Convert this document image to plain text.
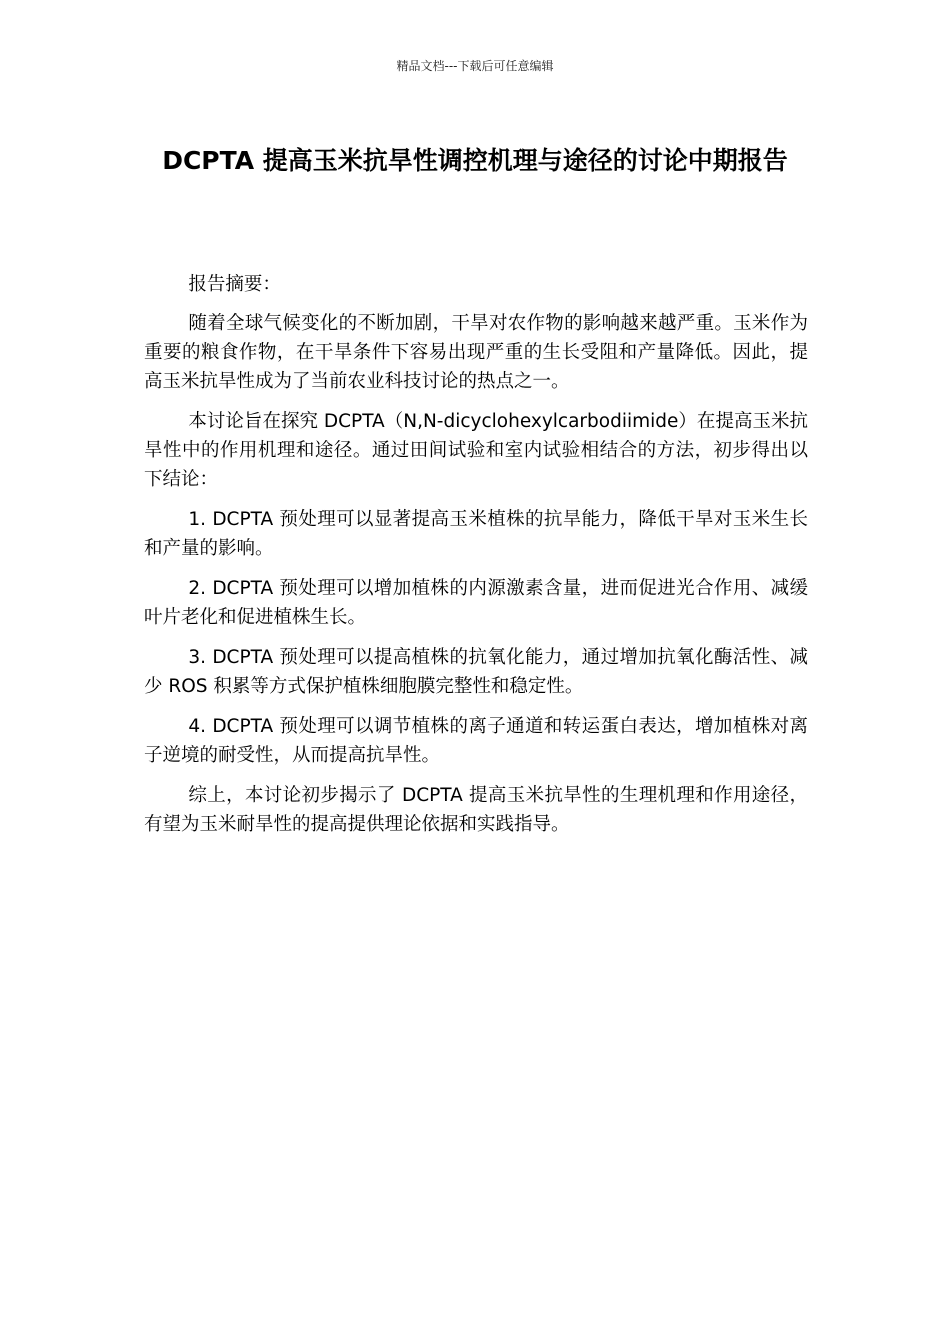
精品文档---下载后可任意编辑
DCPTA 提高玉米抗旱性调控机理与途径的讨论中期报告

报告摘要：

随着全球气候变化的不断加剧，干旱对农作物的影响越来越严重。玉米作为重要的粮食作物，在干旱条件下容易出现严重的生长受阻和产量降低。因此，提高玉米抗旱性成为了当前农业科技讨论的热点之一。

本讨论旨在探究 DCPTA（N,N-dicyclohexylcarbodiimide）在提高玉米抗旱性中的作用机理和途径。通过田间试验和室内试验相结合的方法，初步得出以下结论：

1. DCPTA 预处理可以显著提高玉米植株的抗旱能力，降低干旱对玉米生长和产量的影响。

2. DCPTA 预处理可以增加植株的内源激素含量，进而促进光合作用、减缓叶片老化和促进植株生长。

3. DCPTA 预处理可以提高植株的抗氧化能力，通过增加抗氧化酶活性、减少 ROS 积累等方式保护植株细胞膜完整性和稳定性。

4. DCPTA 预处理可以调节植株的离子通道和转运蛋白表达，增加植株对离子逆境的耐受性，从而提高抗旱性。

综上，本讨论初步揭示了 DCPTA 提高玉米抗旱性的生理机理和作用途径，有望为玉米耐旱性的提高提供理论依据和实践指导。
